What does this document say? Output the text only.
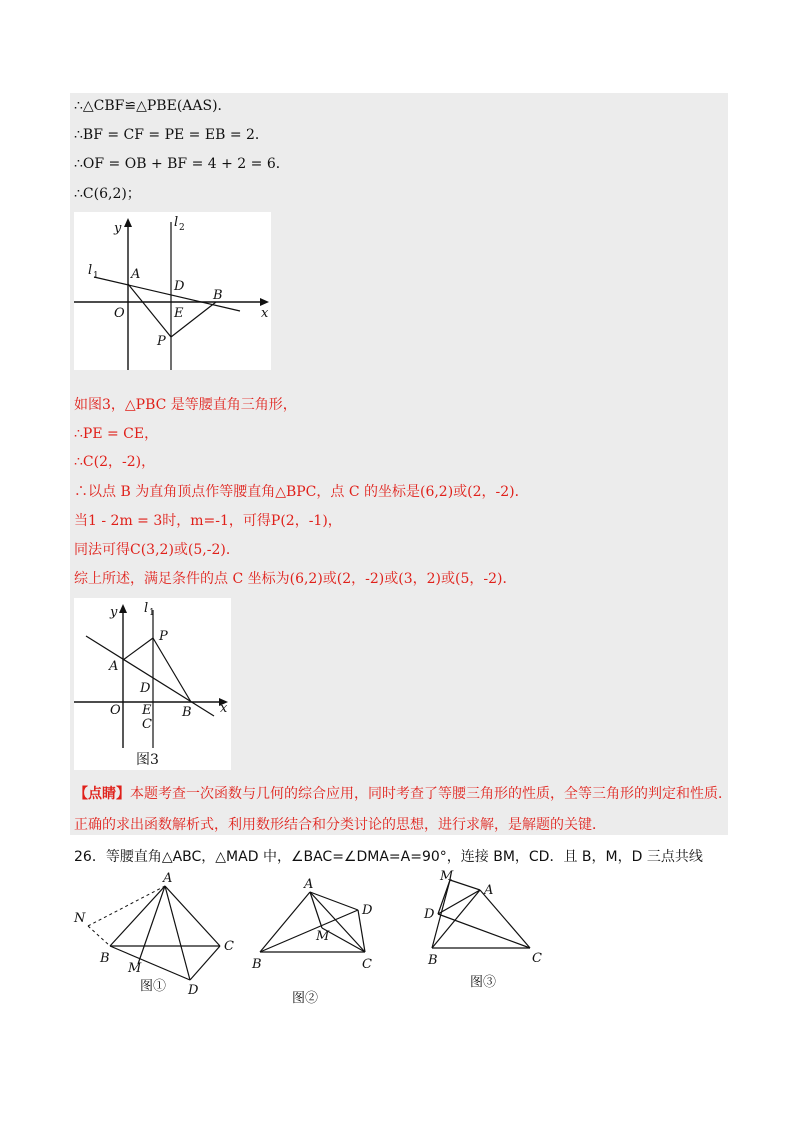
∴△CBF≌△PBE(AAS)．
∴BF = CF = PE = EB = 2．
∴OF = OB + BF = 4 + 2 = 6．
∴C(6,2)；
y
x
l 2
l 1 A
D
B
O	E
P
如图3，△PBC 是等腰直角三角形，
∴PE = CE，
∴C(2，-2)，
∴以点 B 为直角顶点作等腰直角△BPC，点 C 的坐标是(6,2)或(2，-2)．
当1 - 2m = 3时，m=-1，可得P(2，-1)，
同法可得C(3,2)或(5,-2)．
综上所述，满足条件的点 C 坐标为(6,2)或(2，-2)或(3，2)或(5，-2)．
y
x
l 1
P
A
D
O E
C
B
图3
【点睛】本题考查一次函数与几何的综合应用，同时考查了等腰三角形的性质，全等三角形的判定和性质．
正确的求出函数解析式，利用数形结合和分类讨论的思想，进行求解，是解题的关键．
26．等腰直角△ABC，△MAD 中，∠BAC=∠DMA=A=90°，连接 BM，CD．且 B，M，D 三点共线
A
N
B
C
M
D
图①
A
D
M
B	C
图②
M
A
D
B	C
图③
